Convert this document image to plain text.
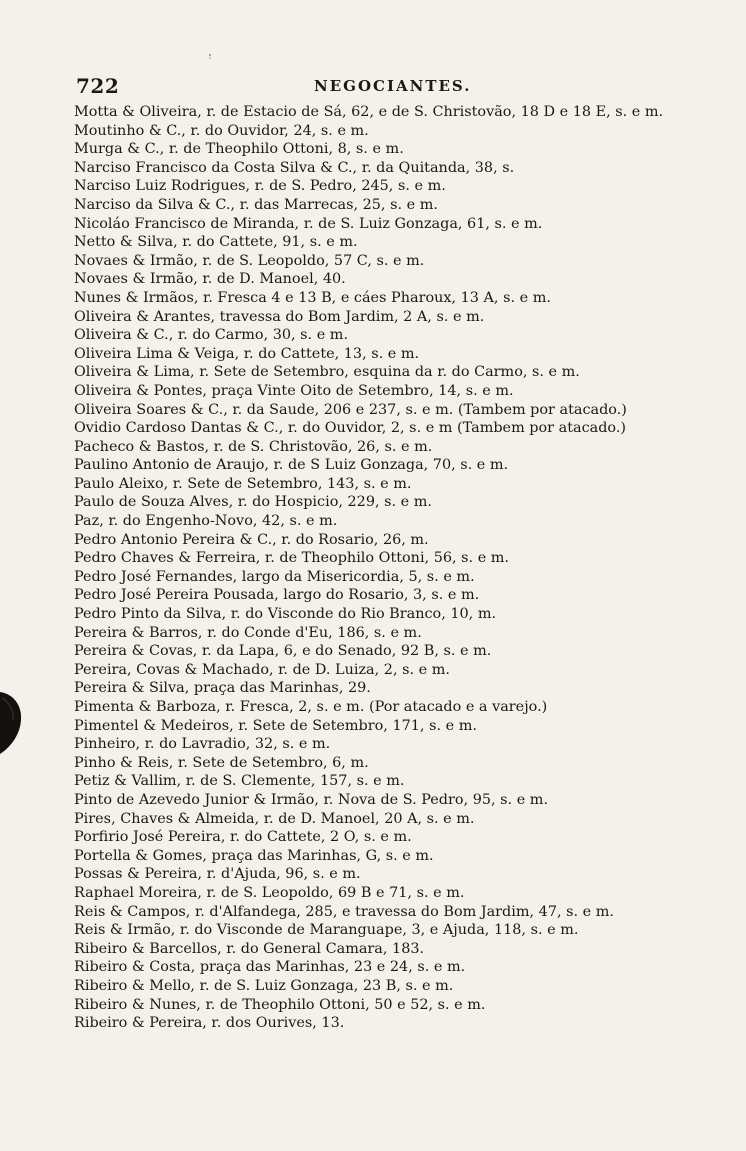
722	NEGOCIANTES.
Motta & Oliveira, r. de Estacio de Sá, 62, e de S. Christovão, 18 D e 18 E, s. e m.
Moutinho & C., r. do Ouvidor, 24, s. e m.
Murga & C., r. de Theophilo Ottoni, 8, s. e m.
Narciso Francisco da Costa Silva & C., r. da Quitanda, 38, s.
Narciso Luiz Rodrigues, r. de S. Pedro, 245, s. e m.
Narciso da Silva & C., r. das Marrecas, 25, s. e m.
Nicoláo Francisco de Miranda, r. de S. Luiz Gonzaga, 61, s. e m.
Netto & Silva, r. do Cattete, 91, s. e m.
Novaes & Irmão, r. de S. Leopoldo, 57 C, s. e m.
Novaes & Irmão, r. de D. Manoel, 40.
Nunes & Irmãos, r. Fresca 4 e 13 B, e cáes Pharoux, 13 A, s. e m.
Oliveira & Arantes, travessa do Bom Jardim, 2 A, s. e m.
Oliveira & C., r. do Carmo, 30, s. e m.
Oliveira Lima & Veiga, r. do Cattete, 13, s. e m.
Oliveira & Lima, r. Sete de Setembro, esquina da r. do Carmo, s. e m.
Oliveira & Pontes, praça Vinte Oito de Setembro, 14, s. e m.
Oliveira Soares & C., r. da Saude, 206 e 237, s. e m. (Tambem por atacado.)
Ovidio Cardoso Dantas & C., r. do Ouvidor, 2, s. e m (Tambem por atacado.)
Pacheco & Bastos, r. de S. Christovão, 26, s. e m.
Paulino Antonio de Araujo, r. de S Luiz Gonzaga, 70, s. e m.
Paulo Aleixo, r. Sete de Setembro, 143, s. e m.
Paulo de Souza Alves, r. do Hospicio, 229, s. e m.
Paz, r. do Engenho-Novo, 42, s. e m.
Pedro Antonio Pereira & C., r. do Rosario, 26, m.
Pedro Chaves & Ferreira, r. de Theophilo Ottoni, 56, s. e m.
Pedro José Fernandes, largo da Misericordia, 5, s. e m.
Pedro José Pereira Pousada, largo do Rosario, 3, s. e m.
Pedro Pinto da Silva, r. do Visconde do Rio Branco, 10, m.
Pereira & Barros, r. do Conde d'Eu, 186, s. e m.
Pereira & Covas, r. da Lapa, 6, e do Senado, 92 B, s. e m.
Pereira, Covas & Machado, r. de D. Luiza, 2, s. e m.
Pereira & Silva, praça das Marinhas, 29.
Pimenta & Barboza, r. Fresca, 2, s. e m. (Por atacado e a varejo.)
Pimentel & Medeiros, r. Sete de Setembro, 171, s. e m.
Pinheiro, r. do Lavradio, 32, s. e m.
Pinho & Reis, r. Sete de Setembro, 6, m.
Petiz & Vallim, r. de S. Clemente, 157, s. e m.
Pinto de Azevedo Junior & Irmão, r. Nova de S. Pedro, 95, s. e m.
Pires, Chaves & Almeida, r. de D. Manoel, 20 A, s. e m.
Porfirio José Pereira, r. do Cattete, 2 O, s. e m.
Portella & Gomes, praça das Marinhas, G, s. e m.
Possas & Pereira, r. d'Ajuda, 96, s. e m.
Raphael Moreira, r. de S. Leopoldo, 69 B e 71, s. e m.
Reis & Campos, r. d'Alfandega, 285, e travessa do Bom Jardim, 47, s. e m.
Reis & Irmão, r. do Visconde de Maranguape, 3, e Ajuda, 118, s. e m.
Ribeiro & Barcellos, r. do General Camara, 183.
Ribeiro & Costa, praça das Marinhas, 23 e 24, s. e m.
Ribeiro & Mello, r. de S. Luiz Gonzaga, 23 B, s. e m.
Ribeiro & Nunes, r. de Theophilo Ottoni, 50 e 52, s. e m.
Ribeiro & Pereira, r. dos Ourives, 13.
